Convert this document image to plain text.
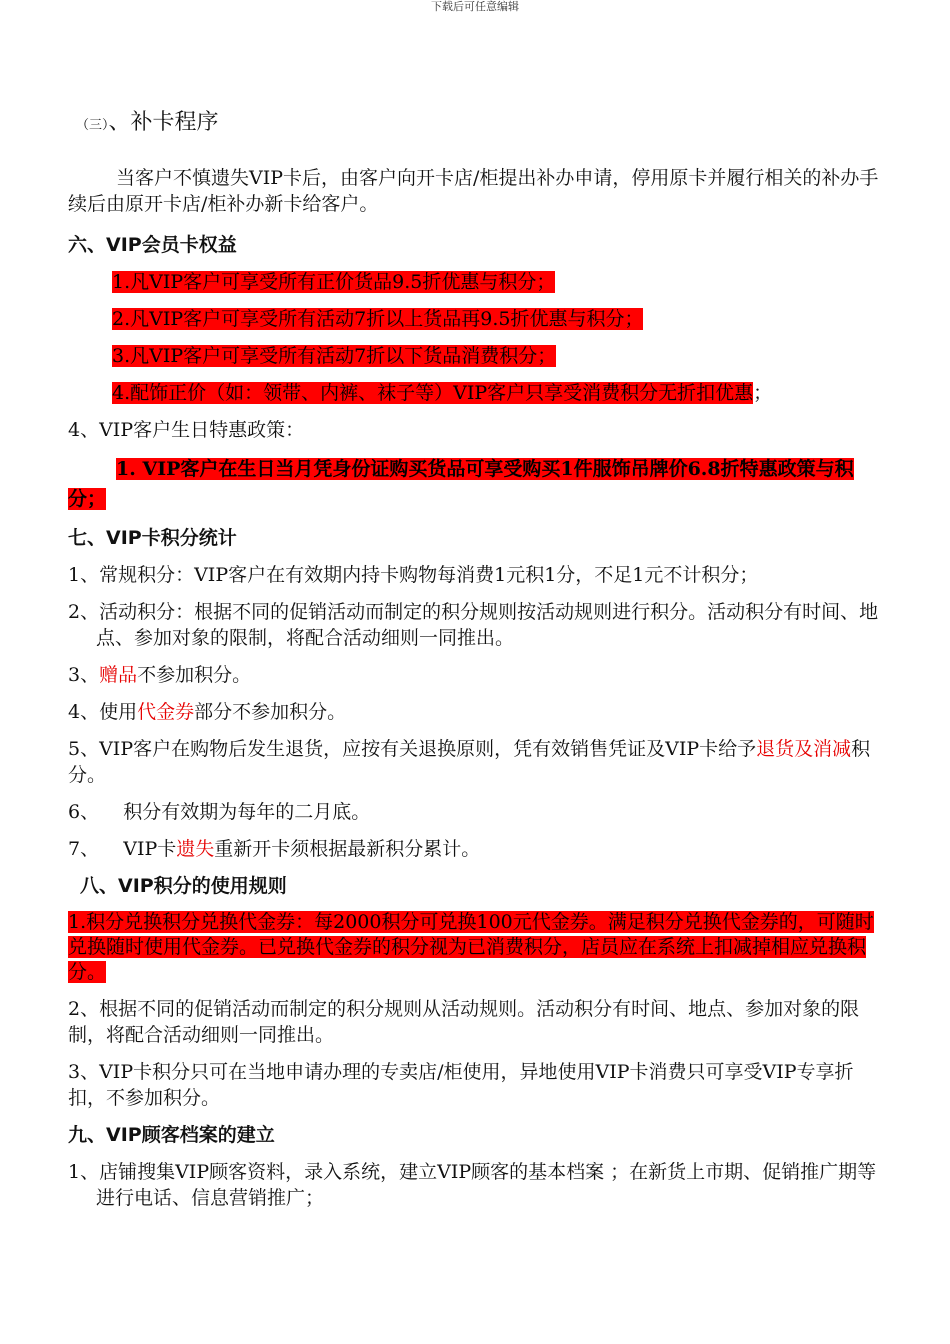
下载后可任意编辑
（三）、补卡程序

当客户不慎遗失VIP卡后，由客户向开卡店/柜提出补办申请，停用原卡并履行相关的补办手续后由原开卡店/柜补办新卡给客户。

六、VIP会员卡权益
1.凡VIP客户可享受所有正价货品9.5折优惠与积分；
2.凡VIP客户可享受所有活动7折以上货品再9.5折优惠与积分；
3.凡VIP客户可享受所有活动7折以下货品消费积分；
4.配饰正价（如：领带、内裤、袜子等）VIP客户只享受消费积分无折扣优惠；
4、VIP客户生日特惠政策：
1. VIP客户在生日当月凭身份证购买货品可享受购买1件服饰吊牌价6.8折特惠政策与积分；
七、VIP卡积分统计
1、常规积分：VIP客户在有效期内持卡购物每消费1元积1分，不足1元不计积分；
2、活动积分：根据不同的促销活动而制定的积分规则按活动规则进行积分。活动积分有时间、地点、参加对象的限制，将配合活动细则一同推出。
3、赠品不参加积分。
4、使用代金券部分不参加积分。
5、VIP客户在购物后发生退货，应按有关退换原则，凭有效销售凭证及VIP卡给予退货及消减积分。
6、    积分有效期为每年的二月底。
7、    VIP卡遗失重新开卡须根据最新积分累计。
八、VIP积分的使用规则
1.积分兑换积分兑换代金券：每2000积分可兑换100元代金券。满足积分兑换代金券的，可随时兑换随时使用代金券。已兑换代金券的积分视为已消费积分，店员应在系统上扣减掉相应兑换积分。
2、根据不同的促销活动而制定的积分规则从活动规则。活动积分有时间、地点、参加对象的限制，将配合活动细则一同推出。
3、VIP卡积分只可在当地申请办理的专卖店/柜使用，异地使用VIP卡消费只可享受VIP专享折扣，不参加积分。
九、VIP顾客档案的建立
1、店铺搜集VIP顾客资料，录入系统，建立VIP顾客的基本档案 ；在新货上市期、促销推广期等进行电话、信息营销推广；
